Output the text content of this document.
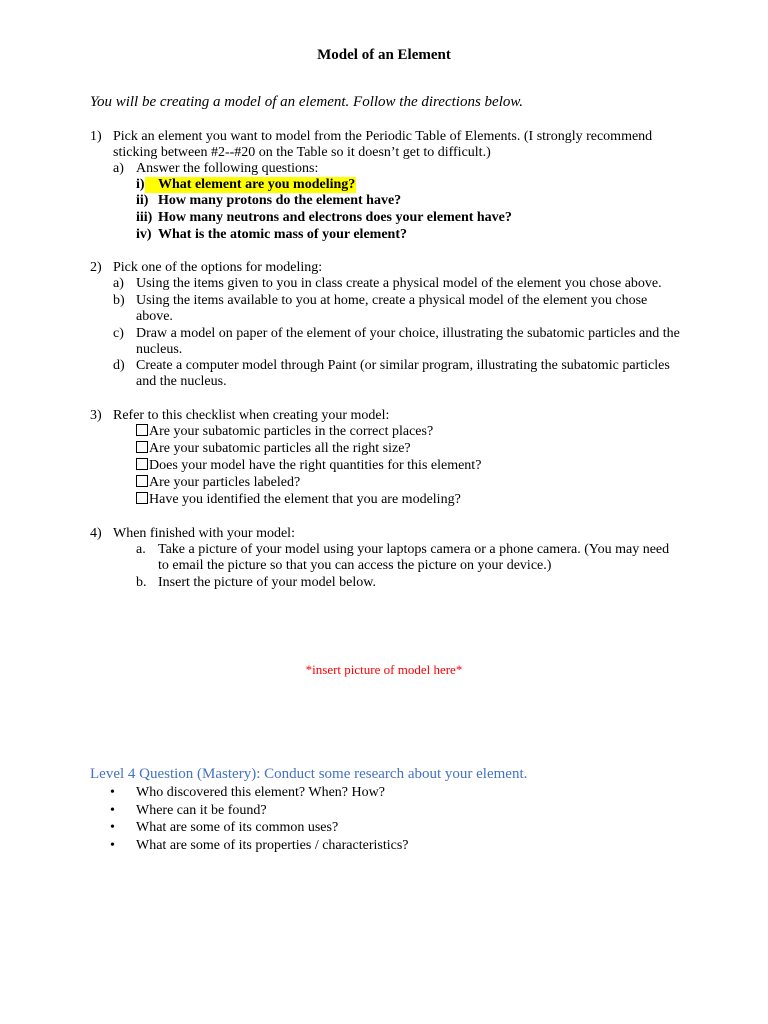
Model of an Element
You will be creating a model of an element. Follow the directions below.
1) Pick an element you want to model from the Periodic Table of Elements. (I strongly recommend
sticking between #2--#20 on the Table so it doesn’t get to difficult.)
a) Answer the following questions:
i) What element are you modeling?
ii) How many protons do the element have?
iii) How many neutrons and electrons does your element have?
iv) What is the atomic mass of your element?
2) Pick one of the options for modeling:
a) Using the items given to you in class create a physical model of the element you chose above.
b) Using the items available to you at home, create a physical model of the element you chose
above.
c) Draw a model on paper of the element of your choice, illustrating the subatomic particles and the
nucleus.
d) Create a computer model through Paint (or similar program, illustrating the subatomic particles
and the nucleus.
3) Refer to this checklist when creating your model:
Are your subatomic particles in the correct places?
Are your subatomic particles all the right size?
Does your model have the right quantities for this element?
Are your particles labeled?
Have you identified the element that you are modeling?
4) When finished with your model:
a. Take a picture of your model using your laptops camera or a phone camera. (You may need
to email the picture so that you can access the picture on your device.)
b. Insert the picture of your model below.
*insert picture of model here*
Level 4 Question (Mastery): Conduct some research about your element.
• Who discovered this element? When? How?
• Where can it be found?
• What are some of its common uses?
• What are some of its properties / characteristics?
